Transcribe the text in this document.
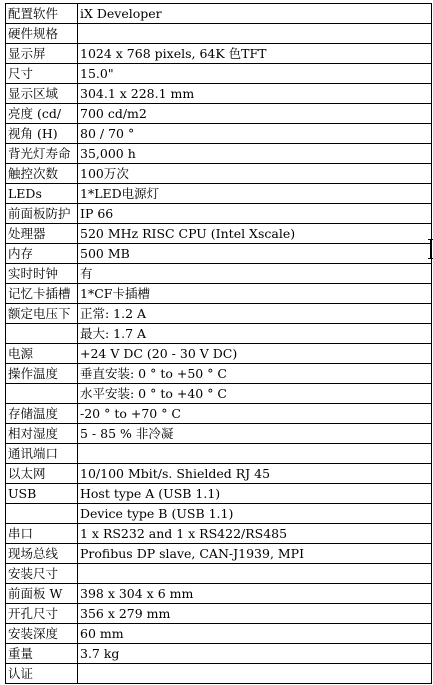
配置软件	iX Developer
硬件规格	
显示屏	1024 x 768 pixels, 64K 色TFT
尺寸	15.0"
显示区域	304.1 x 228.1 mm
亮度 (cd/	700 cd/m2
视角 (H)	80 / 70 °
背光灯寿命	35,000 h
触控次数	100万次
LEDs	1*LED电源灯
前面板防护	IP 66
处理器	520 MHz RISC CPU (Intel Xscale)
内存	500 MB
实时时钟	有
记忆卡插槽	1*CF卡插槽
额定电压下	正常: 1.2 A
	最大: 1.7 A
电源	+24 V DC (20 - 30 V DC)
操作温度	垂直安装: 0 ° to +50 ° C
	水平安装: 0 ° to +40 ° C
存储温度	-20 ° to +70 ° C
相对湿度	5 - 85 % 非冷凝
通讯端口	
以太网	10/100 Mbit/s. Shielded RJ 45
USB	Host type A (USB 1.1)
	Device type B (USB 1.1)
串口	1 x RS232 and 1 x RS422/RS485
现场总线	Profibus DP slave, CAN-J1939, MPI
安装尺寸	
前面板 W	398 x 304 x 6 mm
开孔尺寸	356 x 279 mm
安装深度	60 mm
重量	3.7 kg
认证	
